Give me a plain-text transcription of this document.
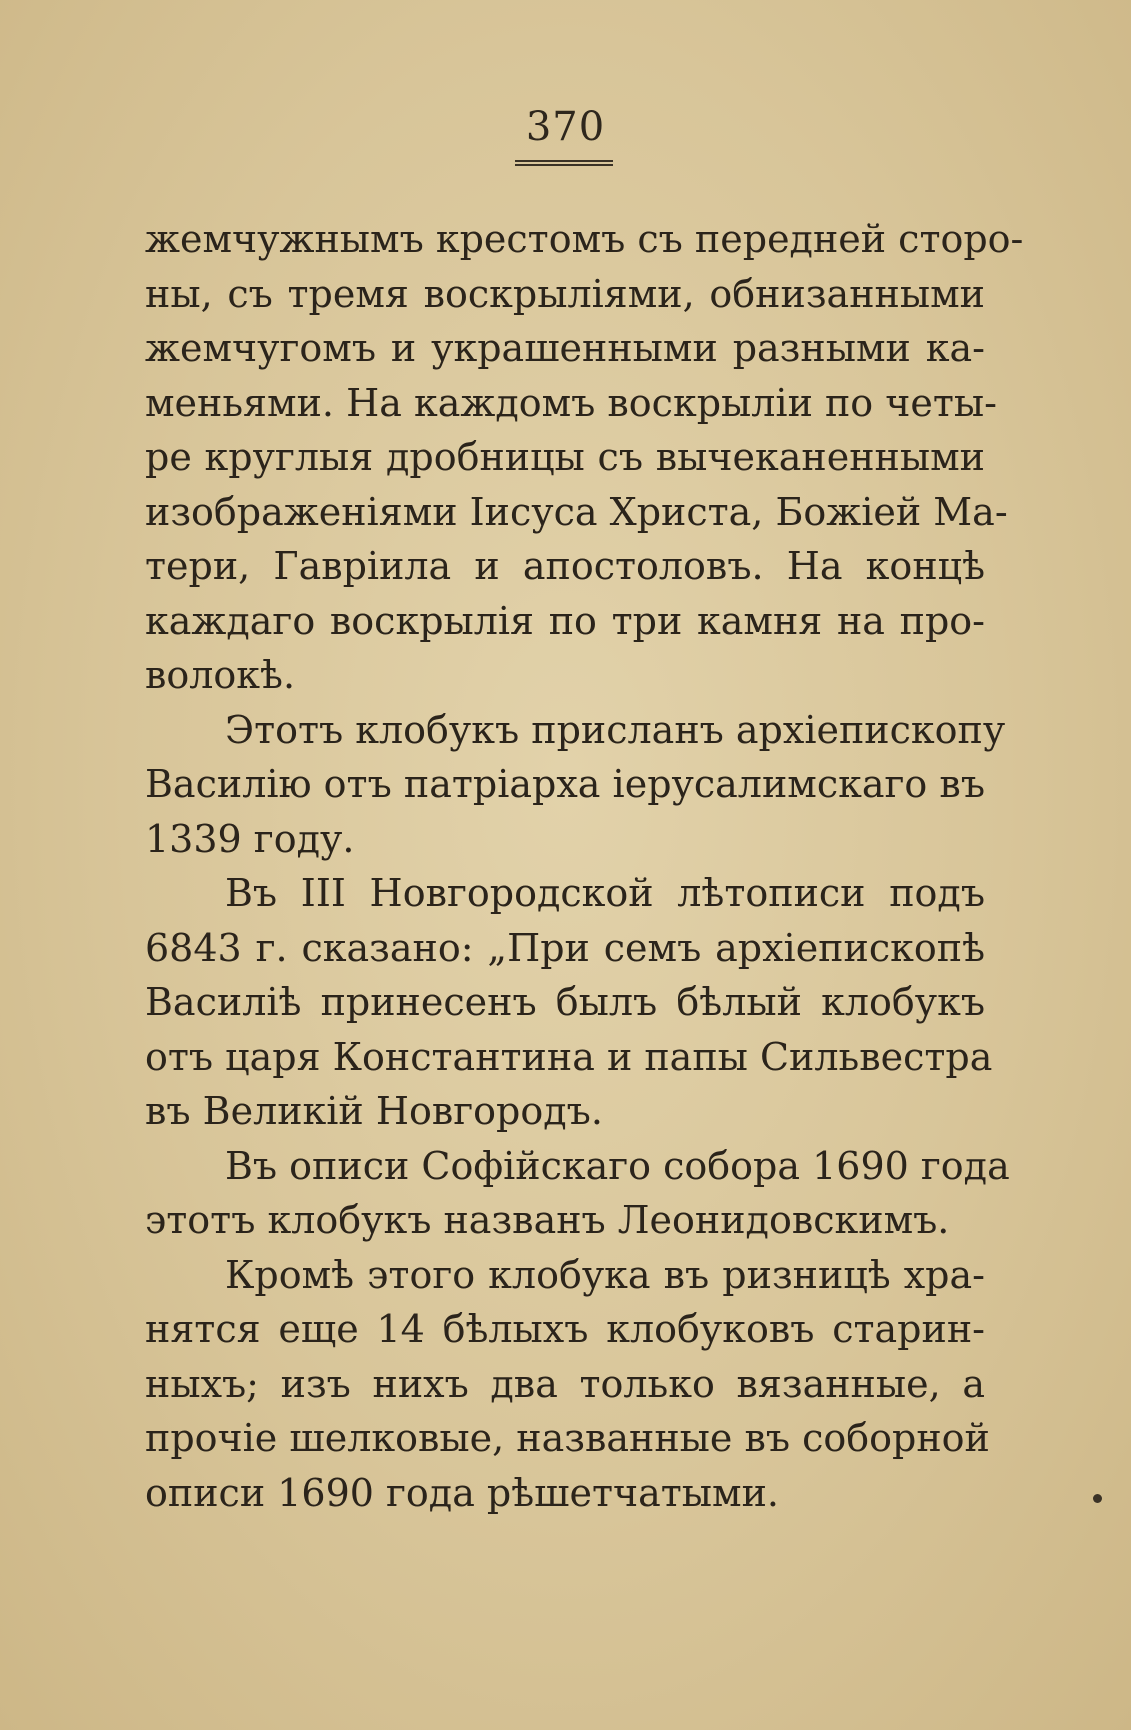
370
жемчужнымъ крестомъ съ передней сторо-
ны, съ тремя воскрыліями, обнизанными
жемчугомъ и украшенными разными ка-
меньями. На каждомъ воскрыліи по четы-
ре круглыя дробницы съ вычеканенными
изображеніями Іисуса Христа, Божіей Ма-
тери, Гавріила и апостоловъ. На концѣ
каждаго воскрылія по три камня на про-
волокѣ.
Этотъ клобукъ присланъ архіепископу
Василію отъ патріарха іерусалимскаго въ
1339 году.
Въ III Новгородской лѣтописи подъ
6843 г. сказано: „При семъ архіепископѣ
Василіѣ принесенъ былъ бѣлый клобукъ
отъ царя Константина и папы Сильвестра
въ Великій Новгородъ.
Въ описи Софійскаго собора 1690 года
этотъ клобукъ названъ Леонидовскимъ.
Кромѣ этого клобука въ ризницѣ хра-
нятся еще 14 бѣлыхъ клобуковъ старин-
ныхъ; изъ нихъ два только вязанные, а
прочіе шелковые, названные въ соборной
описи 1690 года рѣшетчатыми.
